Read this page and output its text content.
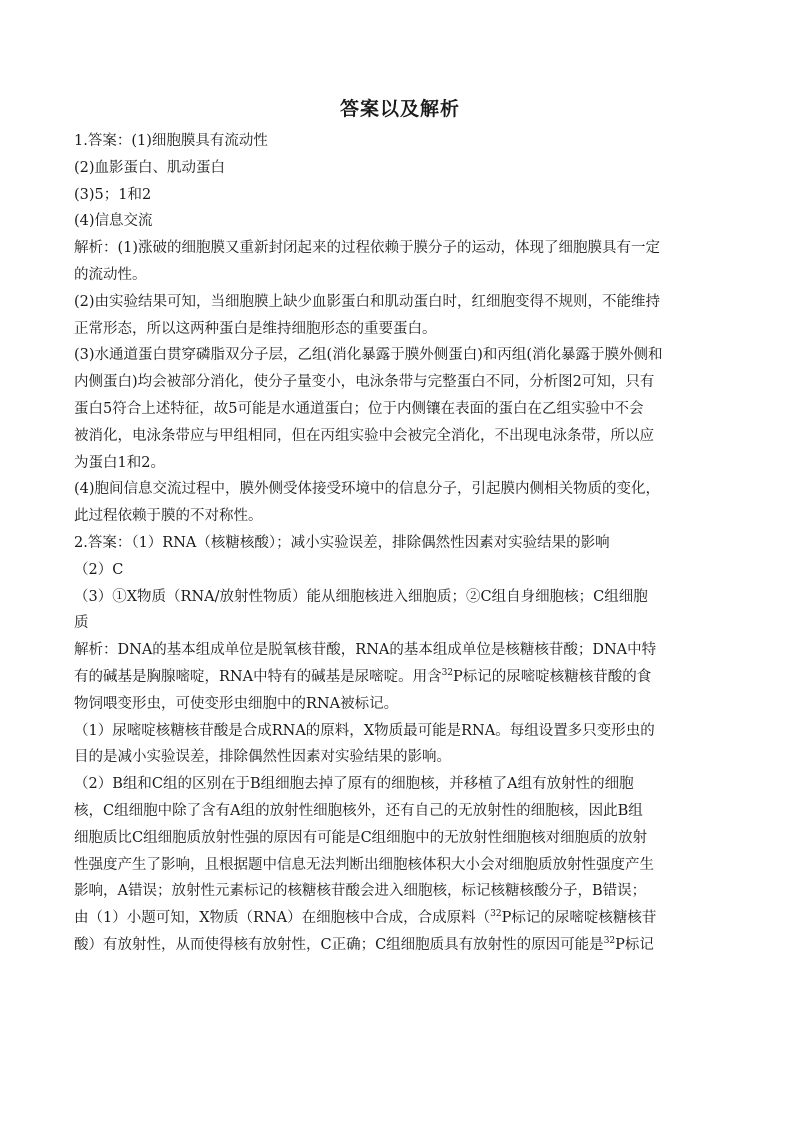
答案以及解析

1.答案：(1)细胞膜具有流动性

(2)血影蛋白、肌动蛋白

(3)5；1和2

(4)信息交流

解析：(1)涨破的细胞膜又重新封闭起来的过程依赖于膜分子的运动，体现了细胞膜具有一定

的流动性。

(2)由实验结果可知，当细胞膜上缺少血影蛋白和肌动蛋白时，红细胞变得不规则，不能维持

正常形态，所以这两种蛋白是维持细胞形态的重要蛋白。

(3)水通道蛋白贯穿磷脂双分子层，乙组(消化暴露于膜外侧蛋白)和丙组(消化暴露于膜外侧和

内侧蛋白)均会被部分消化，使分子量变小，电泳条带与完整蛋白不同，分析图2可知，只有

蛋白5符合上述特征，故5可能是水通道蛋白；位于内侧镶在表面的蛋白在乙组实验中不会

被消化，电泳条带应与甲组相同，但在丙组实验中会被完全消化，不出现电泳条带，所以应

为蛋白1和2。

(4)胞间信息交流过程中，膜外侧受体接受环境中的信息分子，引起膜内侧相关物质的变化，

此过程依赖于膜的不对称性。

2.答案：（1）RNA（核糖核酸）；减小实验误差，排除偶然性因素对实验结果的影响

（2）C

（3）①X物质（RNA/放射性物质）能从细胞核进入细胞质；②C组自身细胞核；C组细胞

质

解析：DNA的基本组成单位是脱氧核苷酸，RNA的基本组成单位是核糖核苷酸；DNA中特

有的碱基是胸腺嘧啶，RNA中特有的碱基是尿嘧啶。用含$^{32}$P标记的尿嘧啶核糖核苷酸的食

物饲喂变形虫，可使变形虫细胞中的RNA被标记。

（1）尿嘧啶核糖核苷酸是合成RNA的原料，X物质最可能是RNA。每组设置多只变形虫的

目的是减小实验误差，排除偶然性因素对实验结果的影响。

（2）B组和C组的区别在于B组细胞去掉了原有的细胞核，并移植了A组有放射性的细胞

核，C组细胞中除了含有A组的放射性细胞核外，还有自己的无放射性的细胞核，因此B组

细胞质比C组细胞质放射性强的原因有可能是C组细胞中的无放射性细胞核对细胞质的放射

性强度产生了影响，且根据题中信息无法判断出细胞核体积大小会对细胞质放射性强度产生

影响，A错误；放射性元素标记的核糖核苷酸会进入细胞核，标记核糖核酸分子，B错误；

由（1）小题可知，X物质（RNA）在细胞核中合成，合成原料（$^{32}$P标记的尿嘧啶核糖核苷

酸）有放射性，从而使得核有放射性，C正确；C组细胞质具有放射性的原因可能是$^{32}$P标记
